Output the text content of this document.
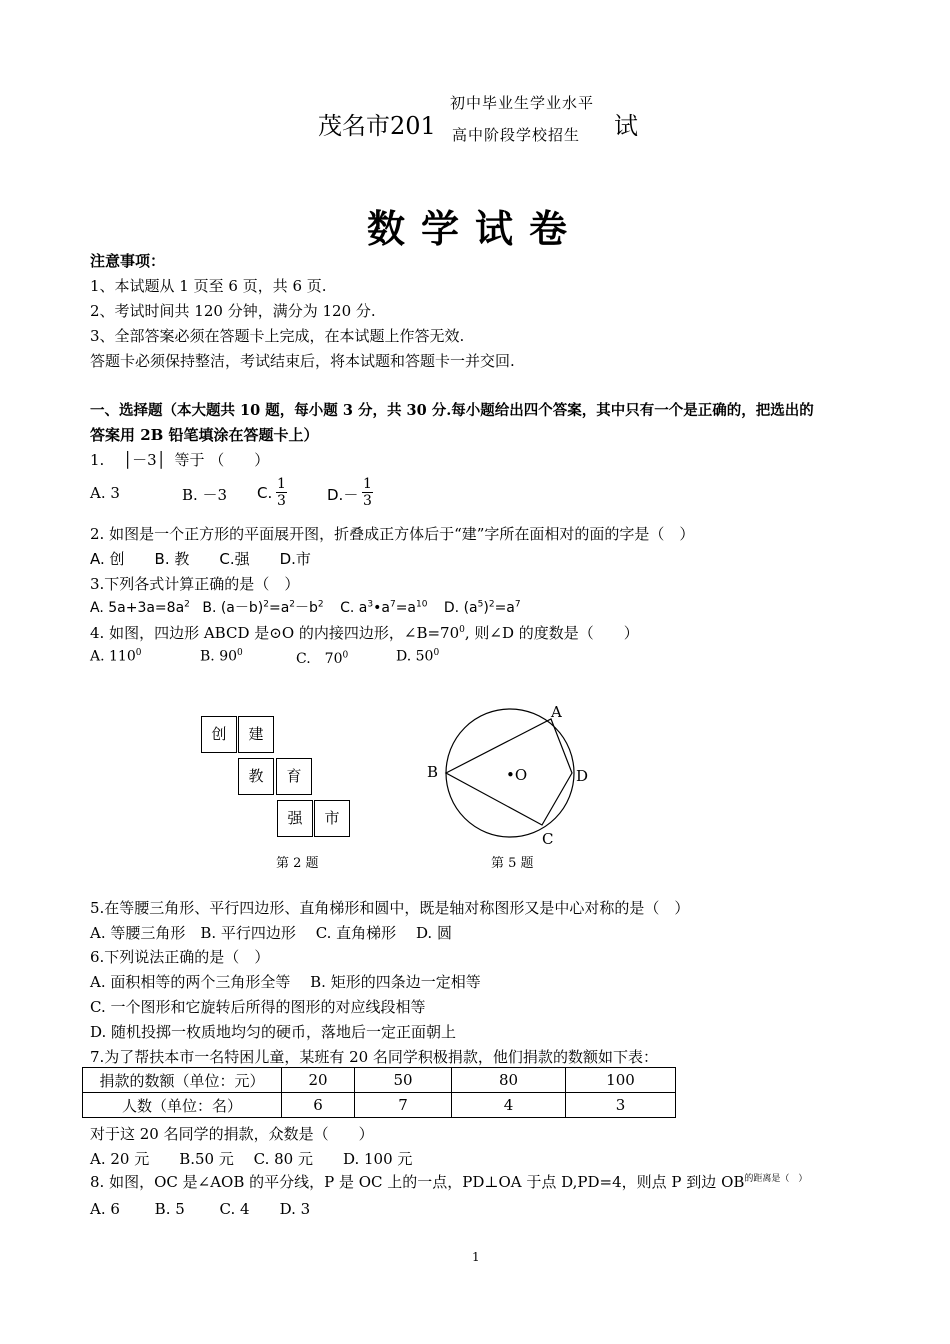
茂名市201	试
初中毕业生学业水平
高中阶段学校招生
数学试卷
注意事项：
1、本试题从 1 页至 6 页，共 6 页.
2、考试时间共 120 分钟，满分为 120 分.
3、全部答案必须在答题卡上完成，在本试题上作答无效.
答题卡必须保持整洁，考试结束后，将本试题和答题卡一并交回.
一、选择题（本大题共 10 题，每小题 3 分，共 30 分.每小题给出四个答案，其中只有一个是正确的，把选出的
答案用 2B 铅笔填涂在答题卡上）
1. │－3│ 等于 （　　）
A. 3	B. －3 C. $\frac{1}{3}$	$D.- \frac{1}{3}$
2. 如图是一个正方形的平面展开图，折叠成正方体后于“建”字所在面相对的面的字是（　）
A. 创　　B. 教　　C.强　　D.市
3.下列各式计算正确的是（　）
A. $5a+3a=8a^2$ B. $(a-b)^2=a^2-b^2$ C. $a^3•a^7=a^{10}$ D. $(a^5)^2=a^7$
4. 如图，四边形 ABCD 是⊙O 的内接四边形，$\angle B=70^0$, 则∠D 的度数是（　　）
A. $110^0$	B. $90^0$	C.　$70^0$	D. $50^0$
创	建
教	育
强	市
第 2 题
A
B
C
D
•O
第 5 题
5.在等腰三角形、平行四边形、直角梯形和圆中，既是轴对称图形又是中心对称的是（　）
A. 等腰三角形　B. 平行四边形　 C. 直角梯形　 D. 圆
6.下列说法正确的是（　）
A. 面积相等的两个三角形全等　 B. 矩形的四条边一定相等
C. 一个图形和它旋转后所得的图形的对应线段相等
D. 随机投掷一枚质地均匀的硬币，落地后一定正面朝上
7.为了帮扶本市一名特困儿童，某班有 20 名同学积极捐款，他们捐款的数额如下表：
捐款的数额（单位：元）	20	50	80	100
人数（单位：名）	6	7	4	3
对于这 20 名同学的捐款，众数是（　　）
A. 20 元　　B.50 元　 C. 80 元　　D. 100 元
8. 如图，OC 是∠AOB 的平分线，P 是 OC 上的一点，PD⊥OA 于点 D,PD=4，则点 P 到边 $OB^{的距离是( )}$
A. 6　　 B. 5　　 C. 4　　D. 3
1
